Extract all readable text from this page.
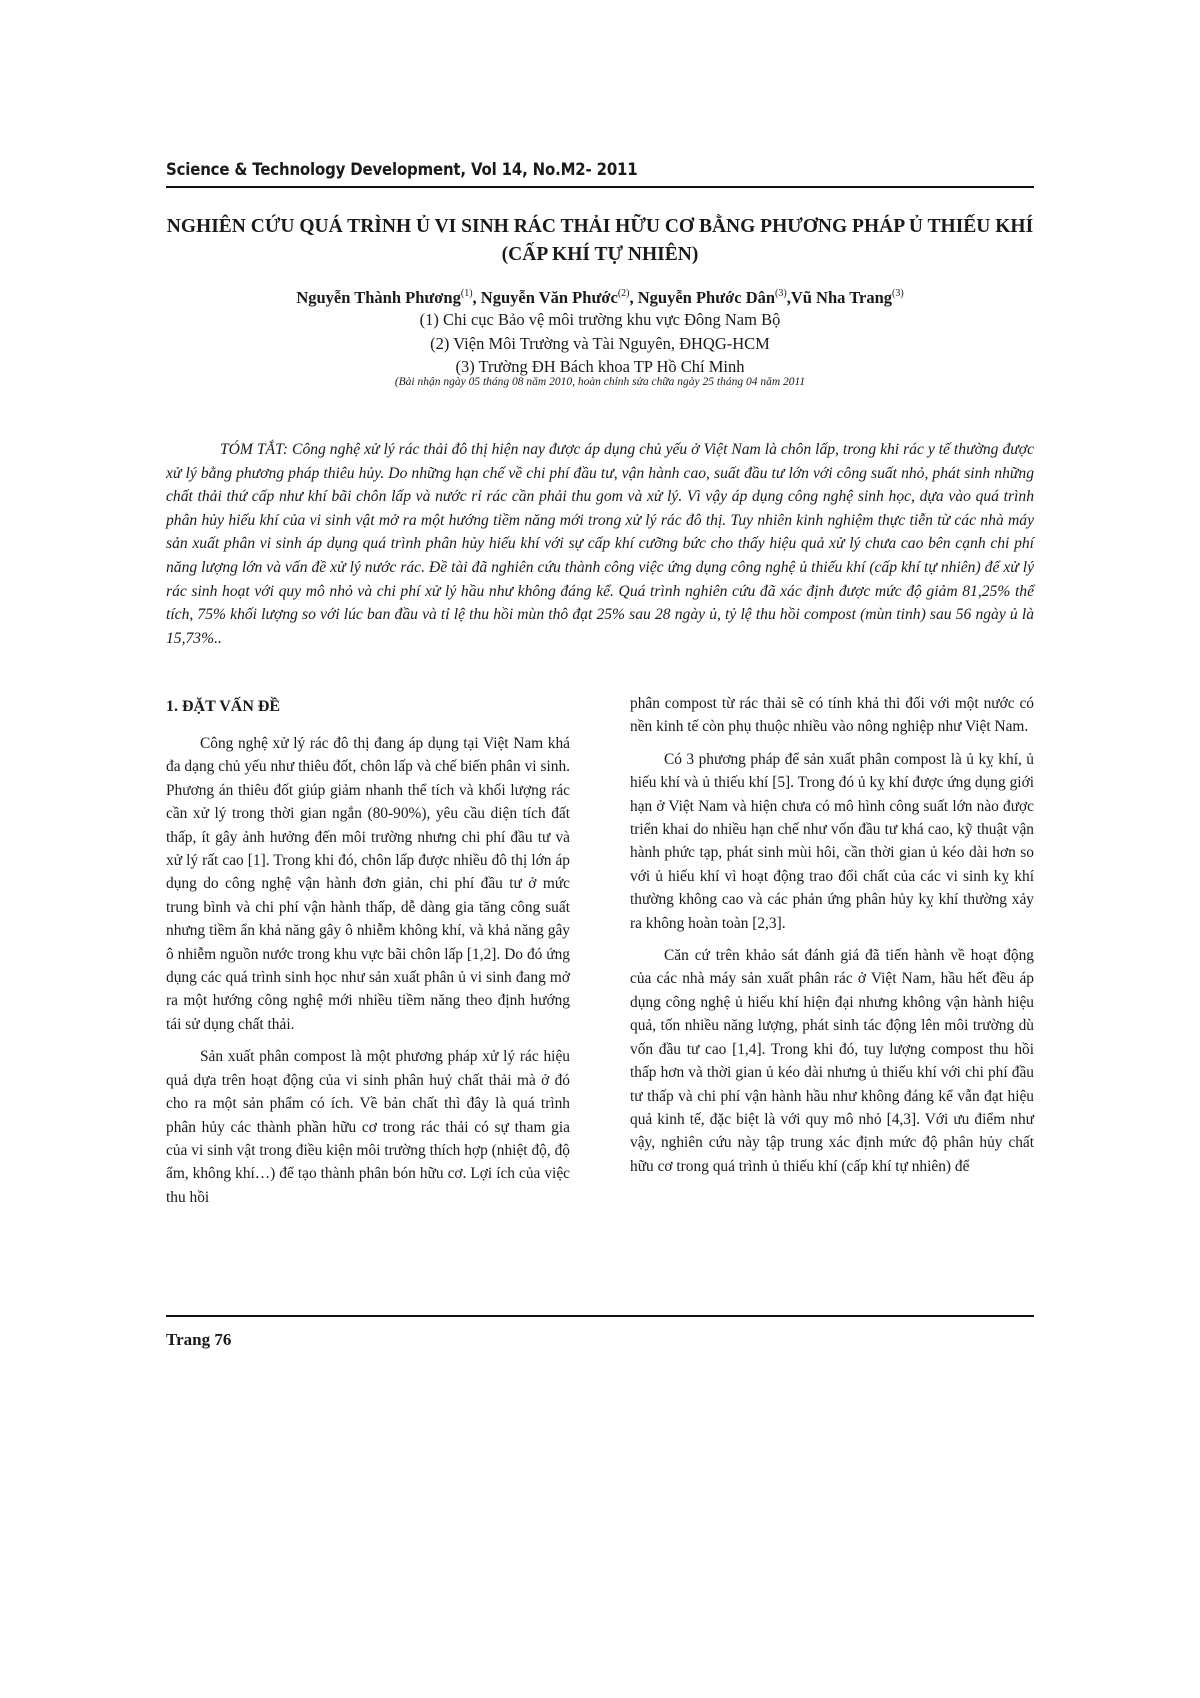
Science & Technology Development, Vol 14, No.M2- 2011
NGHIÊN CỨU QUÁ TRÌNH Ủ VI SINH RÁC THẢI HỮU CƠ BẰNG PHƯƠNG PHÁP Ủ THIẾU KHÍ (CẤP KHÍ TỰ NHIÊN)
Nguyễn Thành Phương$^{(1)}$, Nguyễn Văn Phước$^{(2)}$, Nguyễn Phước Dân$^{(3)}$,Vũ Nha Trang$^{(3)}$
(1) Chi cục Bảo vệ môi trường khu vực Đông Nam Bộ
(2) Viện Môi Trường và Tài Nguyên, ĐHQG-HCM
(3) Trường ĐH Bách khoa TP Hồ Chí Minh
(Bài nhận ngày 05 tháng 08 năm 2010, hoàn chỉnh sửa chữa ngày 25 tháng 04 năm 2011
TÓM TẮT: Công nghệ xử lý rác thải đô thị hiện nay được áp dụng chủ yếu ở Việt Nam là chôn lấp, trong khi rác y tế thường được xử lý bằng phương pháp thiêu hủy. Do những hạn chế về chi phí đầu tư, vận hành cao, suất đầu tư lớn với công suất nhỏ, phát sinh những chất thải thứ cấp như khí bãi chôn lấp và nước rỉ rác cần phải thu gom và xử lý. Vì vậy áp dụng công nghệ sinh học, dựa vào quá trình phân hủy hiếu khí của vi sinh vật mở ra một hướng tiềm năng mới trong xử lý rác đô thị. Tuy nhiên kinh nghiệm thực tiễn từ các nhà máy sản xuất phân vi sinh áp dụng quá trình phân hủy hiếu khí với sự cấp khí cưỡng bức cho thấy hiệu quả xử lý chưa cao bên cạnh chi phí năng lượng lớn và vấn đề xử lý nước rác. Đề tài đã nghiên cứu thành công việc ứng dụng công nghệ ủ thiếu khí (cấp khí tự nhiên) để xử lý rác sinh hoạt với quy mô nhỏ và chi phí xử lý hầu như không đáng kể. Quá trình nghiên cứu đã xác định được mức độ giảm 81,25% thể tích, 75% khối lượng so với lúc ban đầu và tỉ lệ thu hồi mùn thô đạt 25% sau 28 ngày ủ, tỷ lệ thu hồi compost (mùn tinh) sau 56 ngày ủ là 15,73%..
1. ĐẶT VẤN ĐỀ

Công nghệ xử lý rác đô thị đang áp dụng tại Việt Nam khá đa dạng chủ yếu như thiêu đốt, chôn lấp và chế biến phân vi sinh. Phương án thiêu đốt giúp giảm nhanh thể tích và khối lượng rác cần xử lý trong thời gian ngắn (80-90%), yêu cầu diện tích đất thấp, ít gây ảnh hưởng đến môi trường nhưng chi phí đầu tư và xử lý rất cao [1]. Trong khi đó, chôn lấp được nhiều đô thị lớn áp dụng do công nghệ vận hành đơn giản, chi phí đầu tư ở mức trung bình và chi phí vận hành thấp, dễ dàng gia tăng công suất nhưng tiềm ẩn khả năng gây ô nhiễm không khí, và khả năng gây ô nhiễm nguồn nước trong khu vực bãi chôn lấp [1,2]. Do đó ứng dụng các quá trình sinh học như sản xuất phân ủ vi sinh đang mở ra một hướng công nghệ mới nhiều tiềm năng theo định hướng tái sử dụng chất thải.

Sản xuất phân compost là một phương pháp xử lý rác hiệu quả dựa trên hoạt động của vi sinh phân huỷ chất thải mà ở đó cho ra một sản phẩm có ích. Về bản chất thì đây là quá trình phân hủy các thành phần hữu cơ trong rác thải có sự tham gia của vi sinh vật trong điều kiện môi trường thích hợp (nhiệt độ, độ ẩm, không khí…) để tạo thành phân bón hữu cơ. Lợi ích của việc thu hồi

phân compost từ rác thải sẽ có tính khả thi đối với một nước có nền kinh tế còn phụ thuộc nhiều vào nông nghiệp như Việt Nam.

Có 3 phương pháp để sản xuất phân compost là ủ kỵ khí, ủ hiếu khí và ủ thiếu khí [5]. Trong đó ủ kỵ khí được ứng dụng giới hạn ở Việt Nam và hiện chưa có mô hình công suất lớn nào được triển khai do nhiều hạn chế như vốn đầu tư khá cao, kỹ thuật vận hành phức tạp, phát sinh mùi hôi, cần thời gian ủ kéo dài hơn so với ủ hiếu khí vì hoạt động trao đổi chất của các vi sinh kỵ khí thường không cao và các phản ứng phân hủy kỵ khí thường xảy ra không hoàn toàn [2,3].

Căn cứ trên khảo sát đánh giá đã tiến hành về hoạt động của các nhà máy sản xuất phân rác ở Việt Nam, hầu hết đều áp dụng công nghệ ủ hiếu khí hiện đại nhưng không vận hành hiệu quả, tốn nhiều năng lượng, phát sinh tác động lên môi trường dù vốn đầu tư cao [1,4]. Trong khi đó, tuy lượng compost thu hồi thấp hơn và thời gian ủ kéo dài nhưng ủ thiếu khí với chi phí đầu tư thấp và chi phí vận hành hầu như không đáng kể vẫn đạt hiệu quả kinh tế, đặc biệt là với quy mô nhỏ [4,3]. Với ưu điểm như vậy, nghiên cứu này tập trung xác định mức độ phân hủy chất hữu cơ trong quá trình ủ thiếu khí (cấp khí tự nhiên) để

Trang 76
